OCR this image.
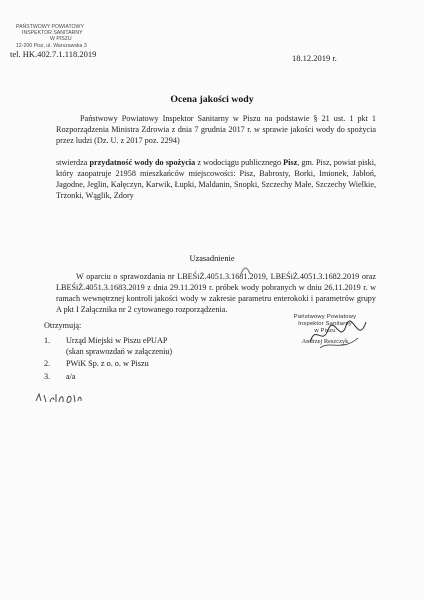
PAŃSTWOWY POWIATOWY
INSPEKTOR SANITARNY
W PISZU
12-200 Pisz, ul. Warszawska 3
tel. HK.402.7.1.118.2019	18.12.2019 r.
Ocena jakości wody
Państwowy Powiatowy Inspektor Sanitarny w Piszu na podstawie § 21 ust. 1 pkt 1 Rozporządzenia Ministra Zdrowia z dnia 7 grudnia 2017 r. w sprawie jakości wody do spożycia przez ludzi (Dz. U. z 2017 poz. 2294)
stwierdza przydatność wody do spożycia z wodociągu publicznego Pisz, gm. Pisz, powiat piski, który zaopatruje 21958 mieszkańców miejscowości: Pisz, Babrosty, Borki, Imionek, Jabłoń, Jagodne, Jeglin, Kałęczyn, Karwik, Łupki, Maldanin, Snopki, Szczechy Małe, Szczechy Wielkie, Trzonki, Wąglik, Zdory
Uzasadnienie
W oparciu o sprawozdania nr LBEŚiŻ.4051.3.1681.2019, LBEŚiŻ.4051.3.1682.2019 oraz LBEŚiŻ.4051.3.1683.2019 z dnia 29.11.2019 r. próbek wody pobranych w dniu 26.11.2019 r. w ramach wewnętrznej kontroli jakości wody w zakresie parametru enterokoki i parametrów grupy A pkt I Załącznika nr 2 cytowanego rozporządzenia.
Otrzymują:
1. Urząd Miejski w Piszu ePUAP
(skan sprawozdań w załączeniu)
2. PWiK Sp. z o. o. w Piszu
3. a/a
Państwowy Powiatowy
Inspektor Sanitarny
w Piszu
Andrzej Reszczyk
